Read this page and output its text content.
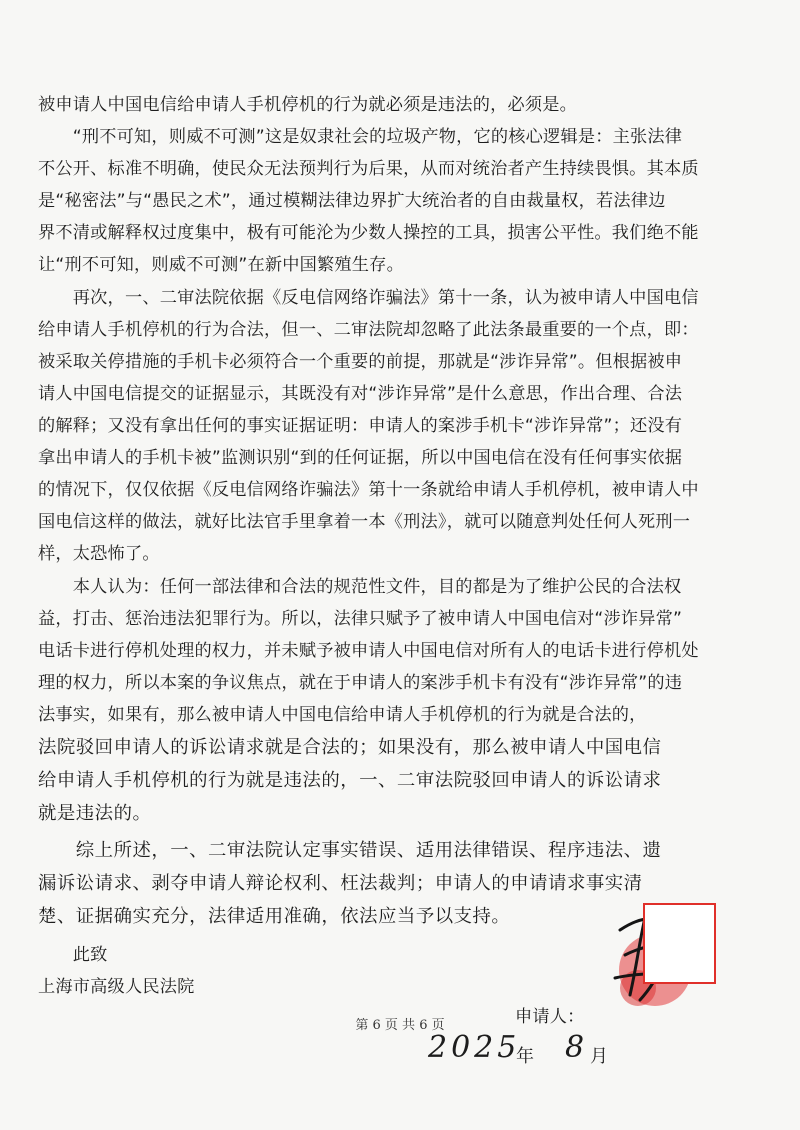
被申请人中国电信给申请人手机停机的行为就必须是违法的，必须是。
　　“刑不可知，则威不可测”这是奴隶社会的垃圾产物，它的核心逻辑是：主张法律
不公开、标准不明确，使民众无法预判行为后果，从而对统治者产生持续畏惧。其本质
是“秘密法”与“愚民之术”，通过模糊法律边界扩大统治者的自由裁量权，若法律边
界不清或解释权过度集中，极有可能沦为少数人操控的工具，损害公平性。我们绝不能
让“刑不可知，则威不可测”在新中国繁殖生存。
　　再次，一、二审法院依据《反电信网络诈骗法》第十一条，认为被申请人中国电信
给申请人手机停机的行为合法，但一、二审法院却忽略了此法条最重要的一个点，即：
被采取关停措施的手机卡必须符合一个重要的前提，那就是“涉诈异常”。但根据被申
请人中国电信提交的证据显示，其既没有对“涉诈异常”是什么意思，作出合理、合法
的解释；又没有拿出任何的事实证据证明：申请人的案涉手机卡“涉诈异常”；还没有
拿出申请人的手机卡被”监测识别“到的任何证据，所以中国电信在没有任何事实依据
的情况下，仅仅依据《反电信网络诈骗法》第十一条就给申请人手机停机，被申请人中
国电信这样的做法，就好比法官手里拿着一本《刑法》，就可以随意判处任何人死刑一
样，太恐怖了。
　　本人认为：任何一部法律和合法的规范性文件，目的都是为了维护公民的合法权
益，打击、惩治违法犯罪行为。所以，法律只赋予了被申请人中国电信对“涉诈异常”
电话卡进行停机处理的权力，并未赋予被申请人中国电信对所有人的电话卡进行停机处
理的权力，所以本案的争议焦点，就在于申请人的案涉手机卡有没有“涉诈异常”的违
法事实，如果有，那么被申请人中国电信给申请人手机停机的行为就是合法的，
法院驳回申请人的诉讼请求就是合法的；如果没有，那么被申请人中国电信
给申请人手机停机的行为就是违法的，一、二审法院驳回申请人的诉讼请求
就是违法的。
　　综上所述，一、二审法院认定事实错误、适用法律错误、程序违法、遗
漏诉讼请求、剥夺申请人辩论权利、枉法裁判；申请人的申请请求事实清
楚、证据确实充分，法律适用准确，依法应当予以支持。
　　此致
上海市高级人民法院
申请人：
2025
年 8 月
第 6 页 共 6 页
